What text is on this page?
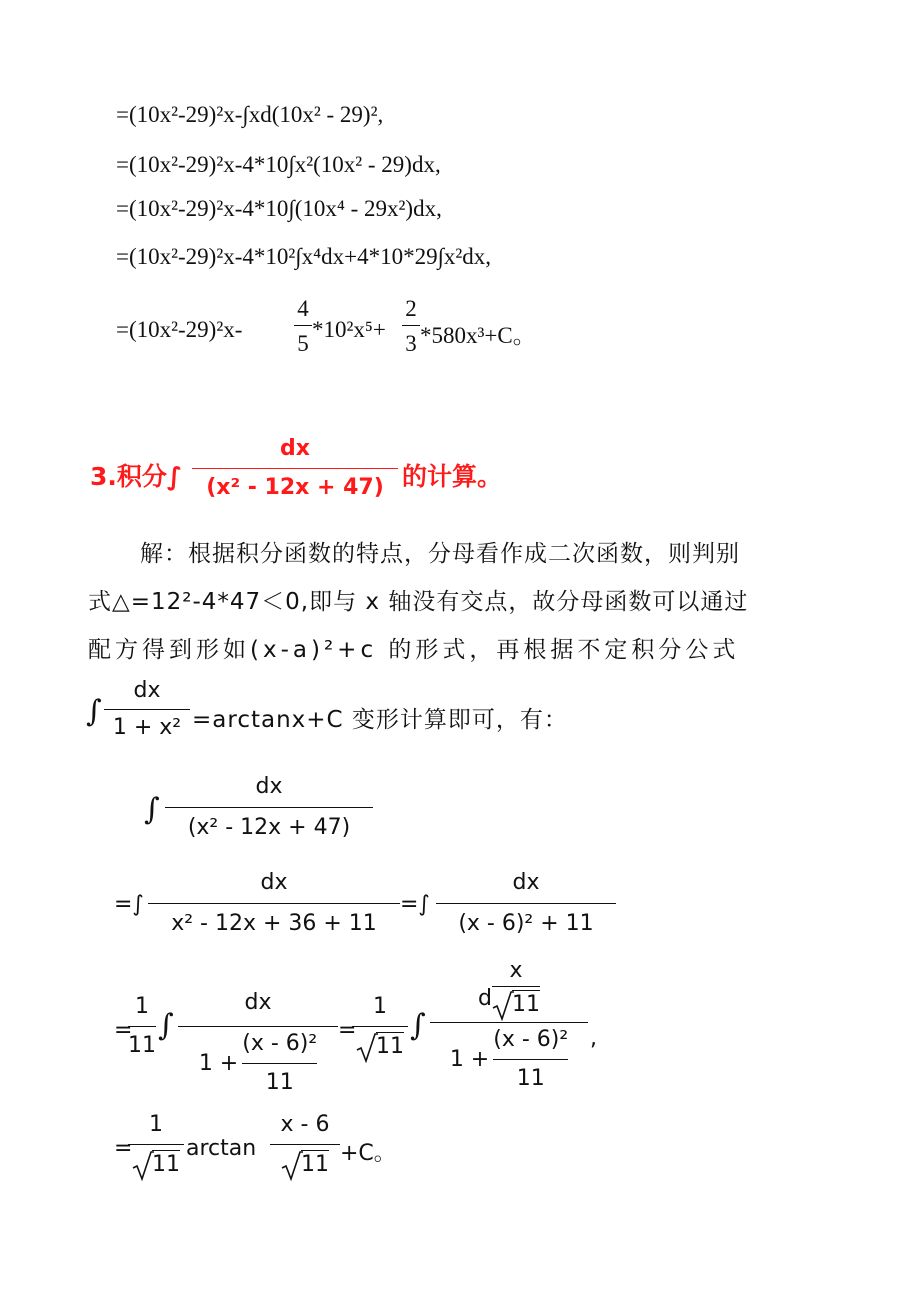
=(10x²-29)²x-∫xd(10x² - 29)²,
=(10x²-29)²x-4*10∫x²(10x² - 29)dx,
=(10x²-29)²x-4*10∫(10x⁴ - 29x²)dx,
=(10x²-29)²x-4*10²∫x⁴dx+4*10*29∫x²dx,
=(10x²-29)²x-
4
5
*10²x⁵+
2
3 *580x³+C。
3.积分∫
dx
(x² - 12x + 47) 的计算。
解：根据积分函数的特点，分母看作成二次函数，则判别
式△=12²-4*47＜0,即与 x 轴没有交点，故分母函数可以通过
配方得到形如(x-a)²+c 的形式，再根据不定积分公式
∫
dx
1 + x² =arctanx+C 变形计算即可，有：
∫
dx
(x² - 12x + 47)
=∫
dx
x² - 12x + 36 + 11
=∫
dx
(x - 6)² + 11
=
1
11
∫
dx
$1 + \frac{\text{(x - 6)²}}{11}$
=
1
11
∫
d $\frac{x}{11}$
$1 + \frac{\text{(x - 6)²}}{11}$ ,
=
1
11
arctan
x - 6
11 +C。
